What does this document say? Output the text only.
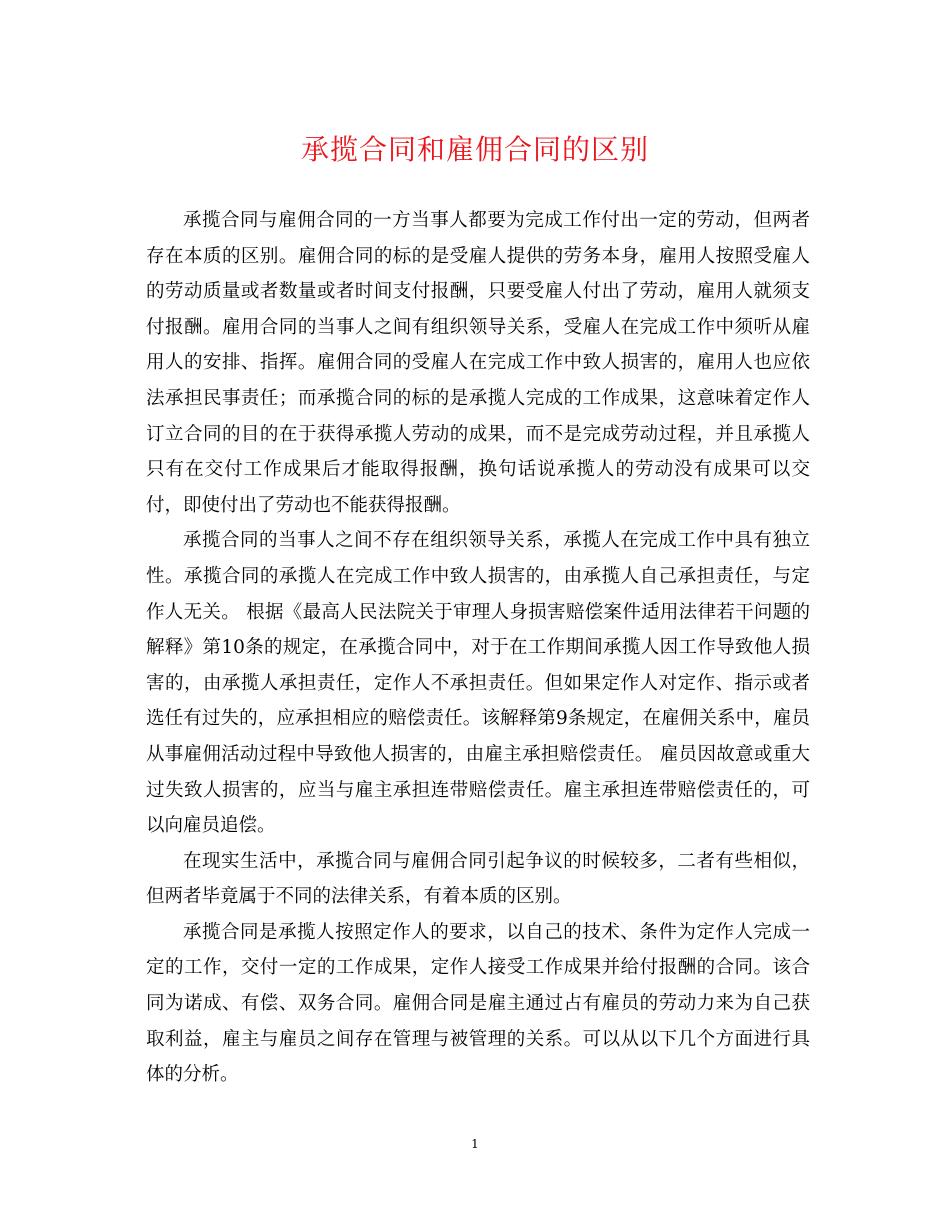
承揽合同和雇佣合同的区别

承揽合同与雇佣合同的一方当事人都要为完成工作付出一定的劳动，但两者存在本质的区别。雇佣合同的标的是受雇人提供的劳务本身，雇用人按照受雇人的劳动质量或者数量或者时间支付报酬，只要受雇人付出了劳动，雇用人就须支付报酬。雇用合同的当事人之间有组织领导关系，受雇人在完成工作中须听从雇用人的安排、指挥。雇佣合同的受雇人在完成工作中致人损害的，雇用人也应依法承担民事责任；而承揽合同的标的是承揽人完成的工作成果，这意味着定作人订立合同的目的在于获得承揽人劳动的成果，而不是完成劳动过程，并且承揽人只有在交付工作成果后才能取得报酬，换句话说承揽人的劳动没有成果可以交付，即使付出了劳动也不能获得报酬。

承揽合同的当事人之间不存在组织领导关系，承揽人在完成工作中具有独立性。承揽合同的承揽人在完成工作中致人损害的，由承揽人自己承担责任，与定作人无关。 根据《最高人民法院关于审理人身损害赔偿案件适用法律若干问题的解释》第10条的规定，在承揽合同中，对于在工作期间承揽人因工作导致他人损害的，由承揽人承担责任，定作人不承担责任。但如果定作人对定作、指示或者选任有过失的，应承担相应的赔偿责任。该解释第9条规定，在雇佣关系中，雇员从事雇佣活动过程中导致他人损害的，由雇主承担赔偿责任。 雇员因故意或重大过失致人损害的，应当与雇主承担连带赔偿责任。雇主承担连带赔偿责任的，可以向雇员追偿。

在现实生活中，承揽合同与雇佣合同引起争议的时候较多，二者有些相似，但两者毕竟属于不同的法律关系，有着本质的区别。

承揽合同是承揽人按照定作人的要求，以自己的技术、条件为定作人完成一定的工作，交付一定的工作成果，定作人接受工作成果并给付报酬的合同。该合同为诺成、有偿、双务合同。雇佣合同是雇主通过占有雇员的劳动力来为自己获取利益，雇主与雇员之间存在管理与被管理的关系。可以从以下几个方面进行具体的分析。

1
